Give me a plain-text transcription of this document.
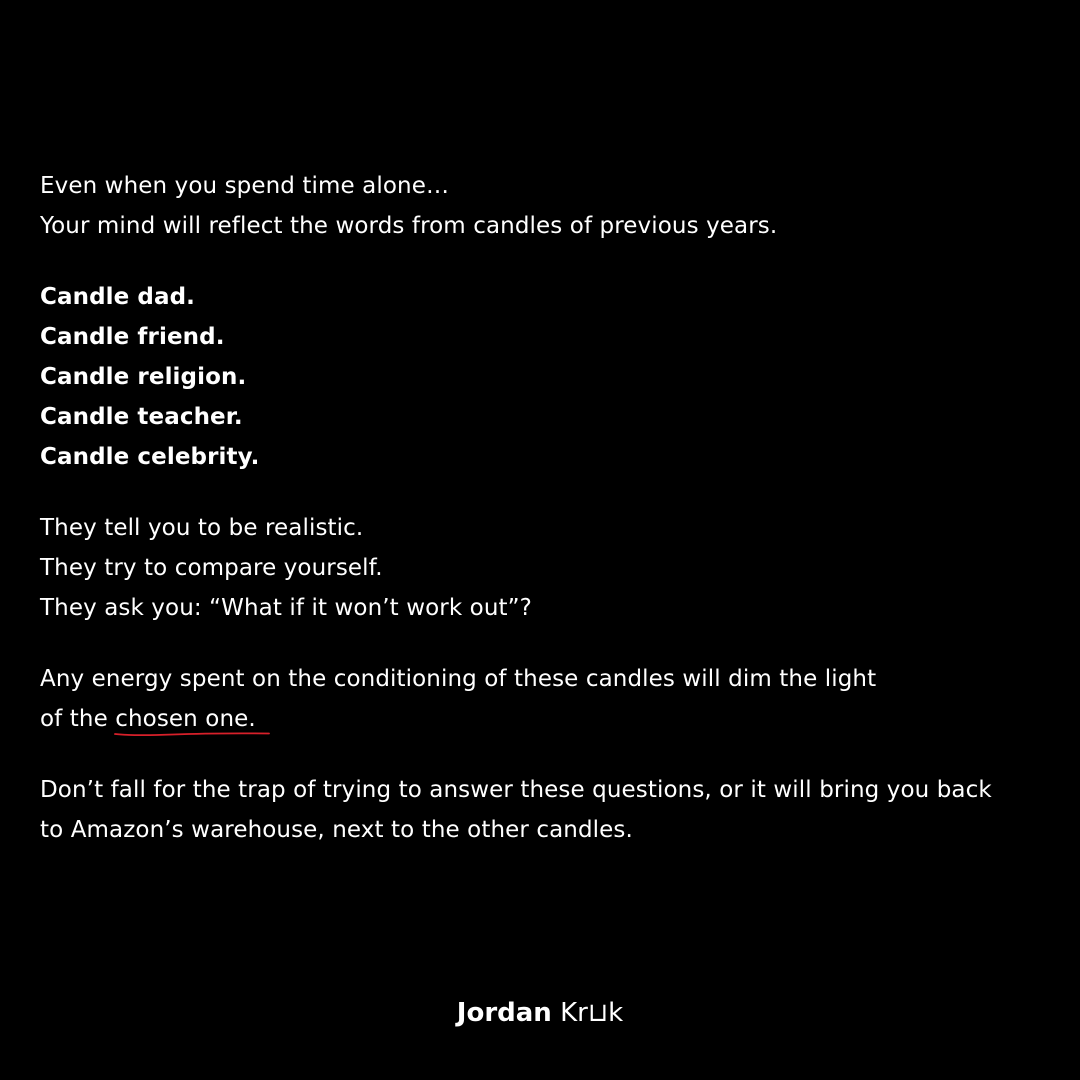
Even when you spend time alone…
Your mind will reflect the words from candles of previous years.

Candle dad.
Candle friend.
Candle religion.
Candle teacher.
Candle celebrity.

They tell you to be realistic.
They try to compare yourself.
They ask you: “What if it won’t work out”?

Any energy spent on the conditioning of these candles will dim the light
of the chosen one
.

Don’t fall for the trap of trying to answer these questions, or it will bring you back
to Amazon’s warehouse, next to the other candles.

Jordan Kr⊔k
